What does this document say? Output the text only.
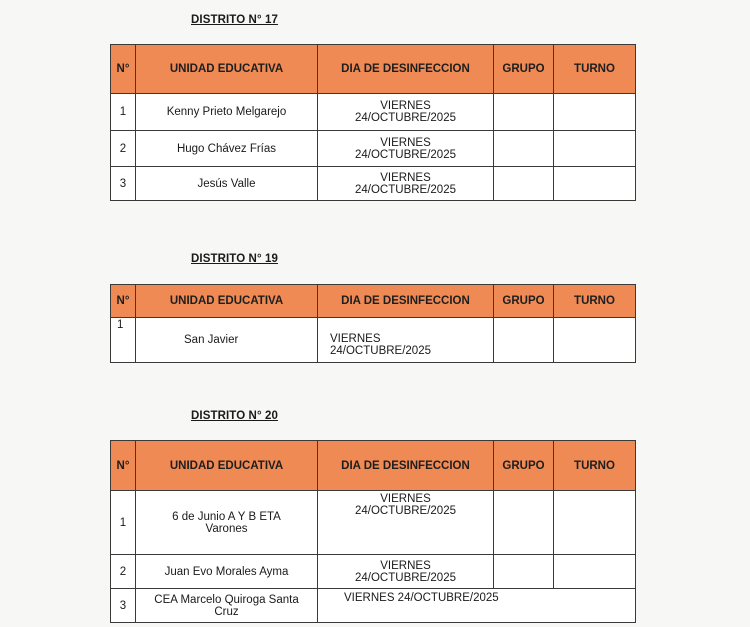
DISTRITO N° 17
N°	UNIDAD EDUCATIVA	DIA DE DESINFECCION	GRUPO	TURNO
1	Kenny Prieto Melgarejo	VIERNES
24/OCTUBRE/2025		

2	Hugo Chávez Frías	VIERNES
24/OCTUBRE/2025		

3	Jesús Valle	VIERNES
24/OCTUBRE/2025		

DISTRITO N° 19
N°	UNIDAD EDUCATIVA	DIA DE DESINFECCION	GRUPO	TURNO
1	San Javier	VIERNES
24/OCTUBRE/2025		

DISTRITO N° 20
N°	UNIDAD EDUCATIVA	DIA DE DESINFECCION	GRUPO	TURNO
1	6 de Junio A Y B ETA
Varones	VIERNES
24/OCTUBRE/2025		

2	Juan Evo Morales Ayma	VIERNES
24/OCTUBRE/2025		

3	CEA Marcelo Quiroga Santa
Cruz	VIERNES 24/OCTUBRE/2025		
